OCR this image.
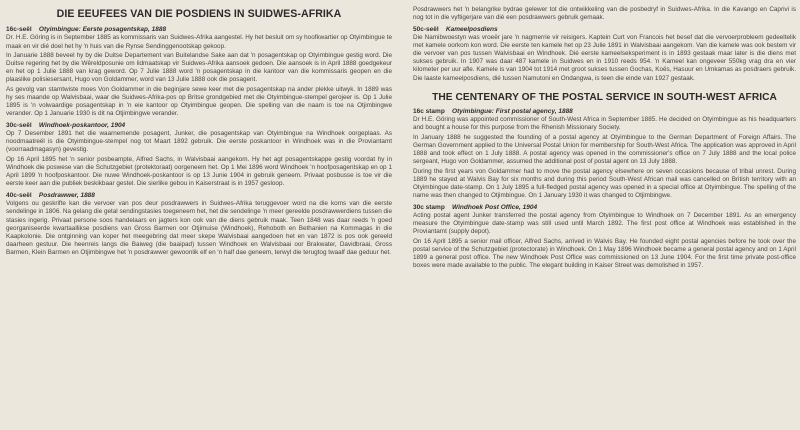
DIE EEUFEES VAN DIE POSDIENS IN SUIDWES-AFRIKA
16c-seël Otyimbingue: Eerste posagentskap, 1888

Dr. H.E. Göring is in September 1885 as kommissaris van Suidwes-Afrika aangestel. Hy het besluit om sy hoofkwartier op Otyimbingue te maak en vir dié doel het hy 'n huis van die Rynse Sendinggenootskap gekoop.

In Januarie 1888 beveel hy by die Duitse Departement van Buitelandse Sake aan dat 'n posagentskap op Otyimbingue gestig word. Die Duitse regering het by die Wêreldposunie om lidmaatskap vir Suidwes-Afrika aansoek gedoen. Die aansoek is in April 1888 goedgekeur en het op 1 Julie 1888 van krag geword. Op 7 Julie 1888 word 'n posagentskap in die kantoor van die kommissaris geopen en die plaaslike polisiesersant, Hugo von Goldammer, word van 13 Julie 1888 ook die posagent.

As gevolg van stamtwiste moes Von Goldammer in die beginjare sewe keer met die posagentskap na ander plekke uitwyk. In 1889 was hy ses maande op Walvisbaai, waar die Suidwes-Afrika-pos op Britse grondgebied met die Otyimbingue-stempel gerojeer is. Op 1 Julie 1895 is 'n volwaardige posagentskap in 'n eie kantoor op Otyimbingue geopen. Die spelling van die naam is toe na Otjimbingwe verander. Op 1 Januarie 1930 is dit na Otjimbingwe verander.

30c-seël Windhoek-poskantoor, 1904

Op 7 Desember 1891 het die waarnemende posagent, Junker, die posagentskap van Otyimbingue na Windhoek oorgeplaas. As noodmaatreël is die Otyimbingue-stempel nog tot Maart 1892 gebruik. Die eerste poskantoor in Windhoek was in die Proviantamt (voorraadmagasyn) gevestig.

Op 16 April 1895 het 'n senior posbeampte, Alfred Sachs, in Walvisbaai aangekom. Hy het agt posagentskappe gestig voordat hy in Windhoek die poswese van die Schutzgebiet (protektoraat) oorgeneem het. Op 1 Mei 1896 word Windhoek 'n hoofposagentskap en op 1 April 1899 'n hoofposkantoor. Die nuwe Windhoek-poskantoor is op 13 Junie 1904 in gebruik geneem. Privaat posbusse is toe vir die eerste keer aan die publiek beskikbaar gestel. Die sierlike gebou in Kaiserstraat is in 1957 gesloop.

40c-seël Posdrawwer, 1888

Volgens ou geskrifte kan die vervoer van pos deur posdrawwers in Suidwes-Afrika teruggevoer word na die koms van die eerste sendelinge in 1806. Na gelang die getal sendingstasies toegeneem het, het die sendelinge 'n meer gereelde posdrawwerdiens tussen die stasies ingerig. Privaat persone soos handelaars en jagters kon ook van die diens gebruik maak. Teen 1848 was daar reeds 'n goed georganiseerde kwartaallikse posdiens van Gross Barmen oor Otjimuise (Windhoek), Rehoboth en Bethanien na Kommagas in die Kaapkolonie. Die ontginning van koper het meegebring dat meer skepe Walvisbaai aangedoen het en van 1872 is pos ook gereeld daarheen gestuur. Die heenreis langs die Baiweg (die baaipad) tussen Windhoek en Walvisbaai oor Brakwater, Davidbraai, Gross Barmen, Klein Barmen en Otjimbingwe het 'n posdrawwer gewoonlik elf en 'n half dae geneem, terwyl die terugtog twaalf dae geduur het.

Posdrawwers het 'n belangrike bydrae gelewer tot die ontwikkeling van die posbedryf in Suidwes-Afrika. In die Kavango en Caprivi is nog tot in die vyftigerjare van dié een posdrawwers gebruik gemaak.

50c-seël Kameelposdiens

Die Namibwoestyn was vroeër jare 'n nagmerrie vir reisigers. Kaptein Curt von Francois het besef dat die vervoerprobleem gedeeltelik met kamele oorkom kon word. Die eerste ten kamele het op 23 Julie 1891 in Walvisbaai aangekom. Van die kamele was ook bestem vir die vervoer van pos tussen Walvisbaai en Windhoek. Dié eerste kameelseksperiment is in 1893 gestaak maar later is die diens met sukses gebruik. In 1907 was daar 487 kamele in Suidwes en in 1910 reeds 954. 'n Kameel kan ongeveer 550kg vrag dra en vier kilometer per uur afle. Kamele is van 1904 tot 1914 met groot sukses tussen Gochas, Koës, Hasuur en Umkamas as posdraers gebruik. Die laaste kameelposdiens, dié tussen Namutoni en Ondangwa, is teen die einde van 1927 gestaak.

THE CENTENARY OF THE POSTAL SERVICE IN SOUTH-WEST AFRICA
16c stamp Otyimbingue: First postal agency, 1888

Dr H.E. Göring was appointed commissioner of South-West Africa in September 1885. He decided on Otyimbingue as his headquarters and bought a house for this purpose from the Rhenish Missionary Society.

In January 1888 he suggested the founding of a postal agency at Otyimbingue to the German Department of Foreign Affairs. The German Government applied to the Universal Postal Union for membership for South-West Africa. The application was approved in April 1888 and took effect on 1 July 1888. A postal agency was opened in the commissioner's office on 7 July 1888 and the local police sergeant, Hugo von Goldammer, assumed the additional post of postal agent on 13 July 1888.

During the first years von Goldammer had to move the postal agency elsewhere on seven occasions because of tribal unrest. During 1889 he stayed at Walvis Bay for six months and during this period South-West African mail was cancelled on British territory with an Otyimbingue date-stamp. On 1 July 1895 a full-fledged postal agency was opened in a special office at Otyimbingue. The spelling of the name was then changed to Otjimbingue. On 1 January 1930 it was changed to Otjimbingwe.

30c stamp Windhoek Post Office, 1904

Acting postal agent Junker transferred the postal agency from Otyimbingue to Windhoek on 7 December 1891. As an emergency measure the Otyimbingue date-stamp was still used until March 1892. The first post office at Windhoek was established in the Proviantamt (supply depot).

On 16 April 1895 a senior mail officer, Alfred Sachs, arrived in Walvis Bay. He founded eight postal agencies before he took over the postal service of the Schutzgebiet (protectorate) in Windhoek. On 1 May 1896 Windhoek became a general postal agency and on 1 April 1899 a general post office. The new Windhoek Post Office was commissioned on 13 June 1904. For the first time private post-office boxes were made available to the public. The elegant building in Kaiser Street was demolished in 1957.
